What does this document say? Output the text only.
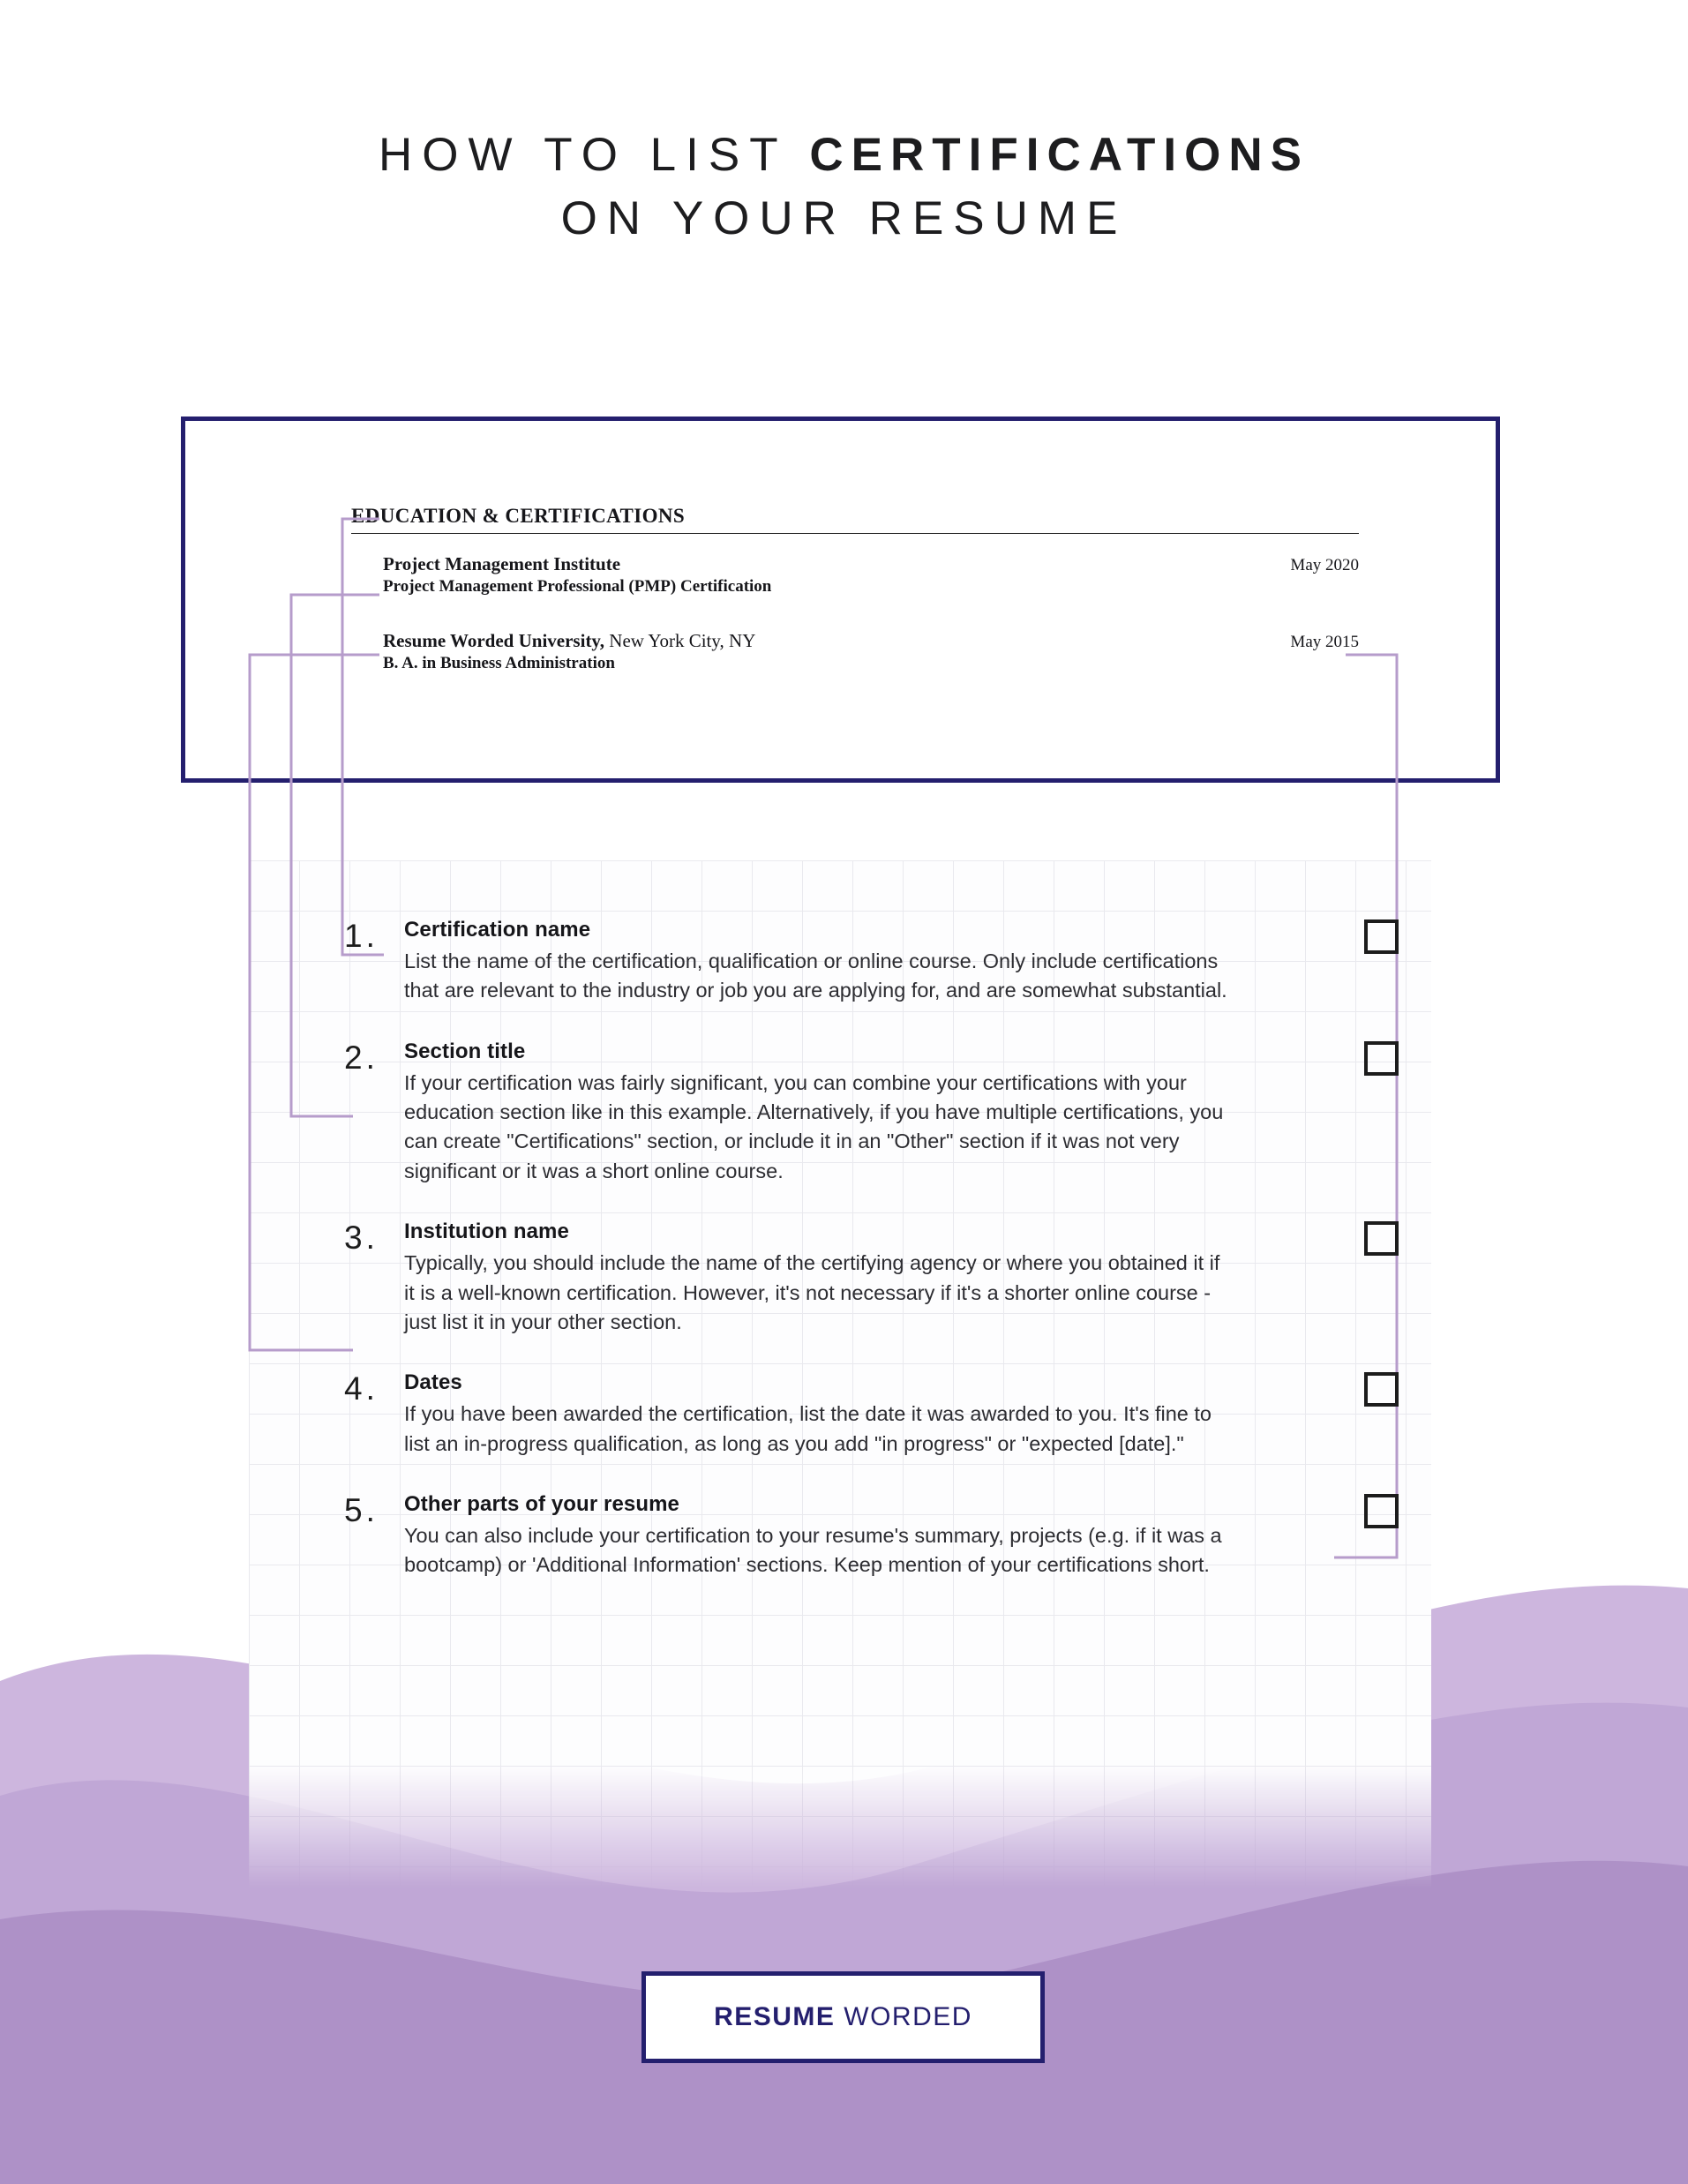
HOW TO LIST CERTIFICATIONS
ON YOUR RESUME
EDUCATION & CERTIFICATIONS
Project Management Institute	May 2020
Project Management Professional (PMP) Certification
Resume Worded University, New York City, NY	May 2015
B. A. in Business Administration
1.	Certification name
List the name of the certification, qualification or online course. Only include certifications that are relevant to the industry or job you are applying for, and are somewhat substantial.
2.	Section title
If your certification was fairly significant, you can combine your certifications with your education section like in this example. Alternatively, if you have multiple certifications, you can create "Certifications" section, or include it in an "Other" section if it was not very significant or it was a short online course.
3.	Institution name
Typically, you should include the name of the certifying agency or where you obtained it if it is a well-known certification. However, it's not necessary if it's a shorter online course - just list it in your other section.
4.	Dates
If you have been awarded the certification, list the date it was awarded to you. It's fine to list an in-progress qualification, as long as you add "in progress" or "expected [date]."
5.	Other parts of your resume
You can also include your certification to your resume's summary, projects (e.g. if it was a bootcamp) or 'Additional Information' sections. Keep mention of your certifications short.
RESUME WORDED
